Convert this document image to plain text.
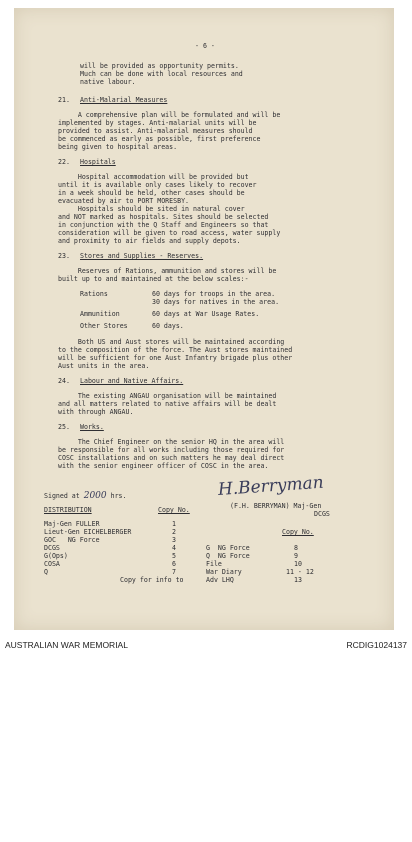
- 6 -

will be provided as opportunity permits.

Much can be done with local resources and

native labour.

21.

Anti-Malarial Measures

A comprehensive plan will be formulated and will be

implemented by stages. Anti-malarial units will be

provided to assist. Anti-malarial measures should

be commenced as early as possible, first preference

being given to hospital areas.

22.

Hospitals

Hospital accommodation will be provided but

until it is available only cases likely to recover

in a week should be held, other cases should be

evacuated by air to PORT MORESBY.

Hospitals should be sited in natural cover

and NOT marked as hospitals. Sites should be selected

in conjunction with the Q Staff and Engineers so that

consideration will be given to road access, water supply

and proximity to air fields and supply depots.

23.

Stores and Supplies - Reserves.

Reserves of Rations, ammunition and stores will be

built up to and maintained at the below scales:-

Rations

	60 days for troops in the area.

30 days for natives in the area.

Ammunition

	60 days at War Usage Rates.

Other Stores

	60 days.

Both US and Aust stores will be maintained according

to the composition of the force. The Aust stores maintained

will be sufficient for one Aust Infantry brigade plus other

Aust units in the area.

24.

Labour and Native Affairs.

The existing ANGAU organisation will be maintained

and all matters related to native affairs will be dealt

with through ANGAU.

25.

Works.

The Chief Engineer on the senior HQ in the area will

be responsible for all works including those required for

COSC installations and on such matters he may deal direct

with the senior engineer officer of COSC in the area.

Signed at 2000 hrs.

	H.Berryman

(F.H. BERRYMAN) Maj-Gen

DCGS

DISTRIBUTION

	Copy No.

Copy No.

Maj-Gen FULLER

	1

Lieut-Gen EICHELBERGER

	2

GOC   NG Force

	3

DCGS

	4

G(Ops)

	5

COSA

	6

Q

	7

G  NG Force

	8

Q  NG Force

	9

File

	10

War Diary

	11 - 12

Copy for info to

	Adv LHQ

	13

AUSTRALIAN WAR MEMORIAL	RCDIG1024137
